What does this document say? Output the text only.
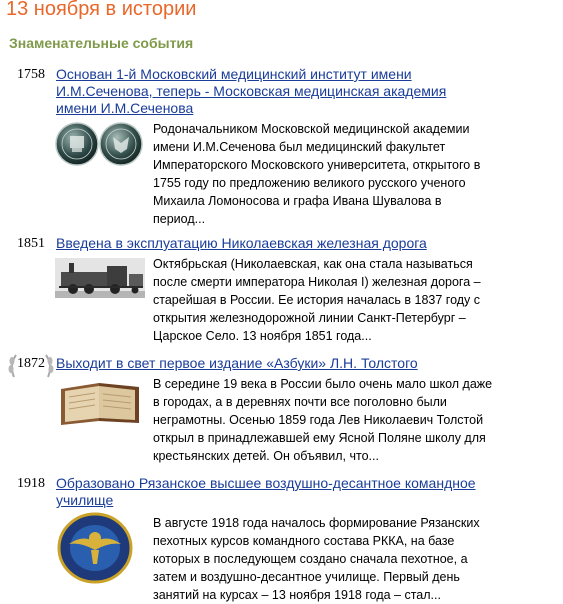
13 ноября в истории
Знаменательные события
1758 Основан 1-й Московский медицинский институт имени И.М.Сеченова, теперь - Московская медицинская академия имени И.М.Сеченова
Родоначальником Московской медицинской академии имени И.М.Сеченова был медицинский факультет Императорского Московского университета, открытого в 1755 году по предложению великого русского ученого Михаила Ломоносова и графа Ивана Шувалова в период...
1851 Введена в эксплуатацию Николаевская железная дорога
Октябрьская (Николаевская, как она стала называться после смерти императора Николая I) железная дорога – старейшая в России. Ее история началась в 1837 году с открытия железнодорожной линии Санкт-Петербург – Царское Село. 13 ноября 1851 года...
1872 Выходит в свет первое издание «Азбуки» Л.Н. Толстого
В середине 19 века в России было очень мало школ даже в городах, а в деревнях почти все поголовно были неграмотны. Осенью 1859 года Лев Николаевич Толстой открыл в принадлежавшей ему Ясной Поляне школу для крестьянских детей. Он объявил, что...
1918 Образовано Рязанское высшее воздушно-десантное командное училище
В августе 1918 года началось формирование Рязанских пехотных курсов командного состава РККА, на базе которых в последующем создано сначала пехотное, а затем и воздушно-десантное училище. Первый день занятий на курсах – 13 ноября 1918 года – стал...
